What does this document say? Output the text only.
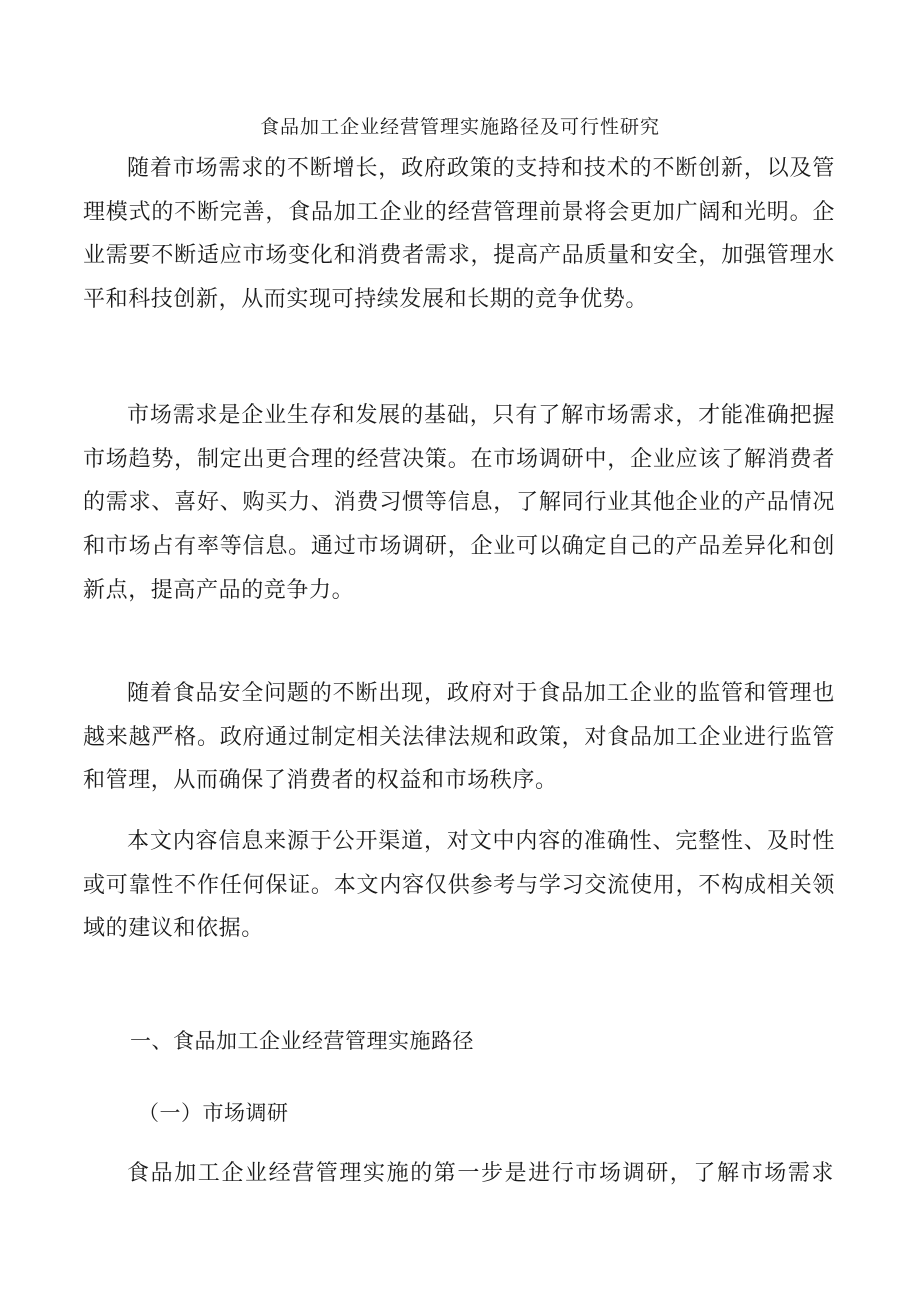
食品加工企业经营管理实施路径及可行性研究

随着市场需求的不断增长，政府政策的支持和技术的不断创新，以及管理模式的不断完善，食品加工企业的经营管理前景将会更加广阔和光明。企业需要不断适应市场变化和消费者需求，提高产品质量和安全，加强管理水平和科技创新，从而实现可持续发展和长期的竞争优势。

市场需求是企业生存和发展的基础，只有了解市场需求，才能准确把握市场趋势，制定出更合理的经营决策。在市场调研中，企业应该了解消费者的需求、喜好、购买力、消费习惯等信息，了解同行业其他企业的产品情况和市场占有率等信息。通过市场调研，企业可以确定自己的产品差异化和创新点，提高产品的竞争力。

随着食品安全问题的不断出现，政府对于食品加工企业的监管和管理也越来越严格。政府通过制定相关法律法规和政策，对食品加工企业进行监管和管理，从而确保了消费者的权益和市场秩序。

本文内容信息来源于公开渠道，对文中内容的准确性、完整性、及时性或可靠性不作任何保证。本文内容仅供参考与学习交流使用，不构成相关领域的建议和依据。

一、食品加工企业经营管理实施路径
（一）市场调研

食品加工企业经营管理实施的第一步是进行市场调研，了解市场需求
